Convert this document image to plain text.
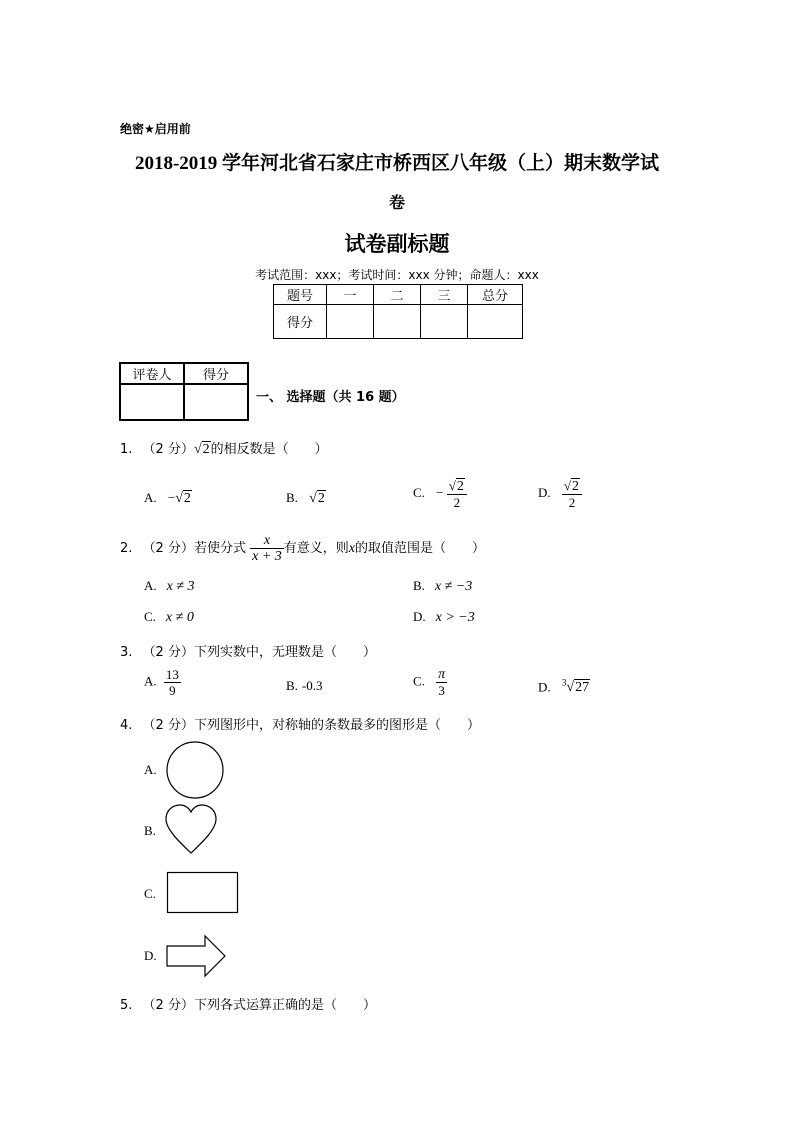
绝密★启用前
2018-2019 学年河北省石家庄市桥西区八年级（上）期末数学试
卷
试卷副标题
考试范围：xxx；考试时间：xxx 分钟；命题人：xxx
题号	一	二	三	总分
得分				
评卷人	得分

一、 选择题（共 16 题）
1. （2 分）√2的相反数是（　　）
A. −√2	B. √2	C. − $\frac{√2}{2}$	D. $\frac{√2}{2}$
2. （2 分）若使分式 $\frac{x}{x + 3}$ 有意义，则x的取值范围是（　　）
A. x ≠ 3	B. x ≠ −3
C. x ≠ 0	D. x > −3
3. （2 分）下列实数中，无理数是（　　）
A. $\frac{13}{9}$	B. -0.3	C. $\frac{\pi}{3}$	D. $^3$√27
4. （2 分）下列图形中，对称轴的条数最多的图形是（　　）
A.
B.
C.
D.
5. （2 分）下列各式运算正确的是（　　）
